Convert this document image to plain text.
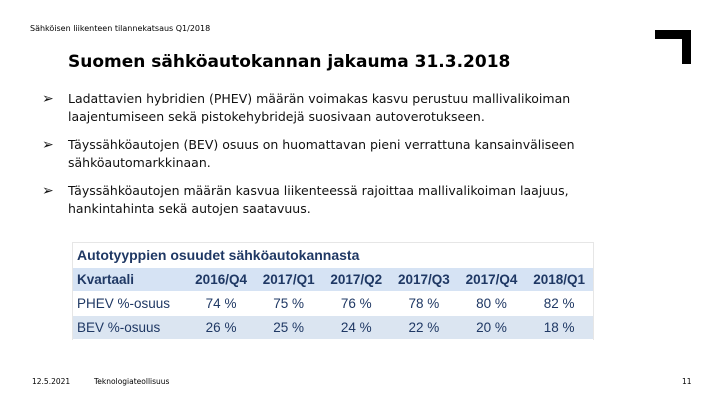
Sähköisen liikenteen tilannekatsaus Q1/2018
Suomen sähköautokannan jakauma 31.3.2018
➢ Ladattavien hybridien (PHEV) määrän voimakas kasvu perustuu mallivalikoiman laajentumiseen sekä pistokehybridejä suosivaan autoverotukseen.
➢ Täyssähköautojen (BEV) osuus on huomattavan pieni verrattuna kansainväliseen sähköautomarkkinaan.
➢ Täyssähköautojen määrän kasvua liikenteessä rajoittaa mallivalikoiman laajuus, hankintahinta sekä autojen saatavuus.
Autotyyppien osuudet sähköautokannasta						
Kvartaali	2016/Q4	2017/Q1	2017/Q2	2017/Q3	2017/Q4	2018/Q1
PHEV %-osuus	74 %	75 %	76 %	78 %	80 %	82 %
BEV %-osuus	26 %	25 %	24 %	22 %	20 %	18 %
12.5.2021	Teknologiateollisuus	11
